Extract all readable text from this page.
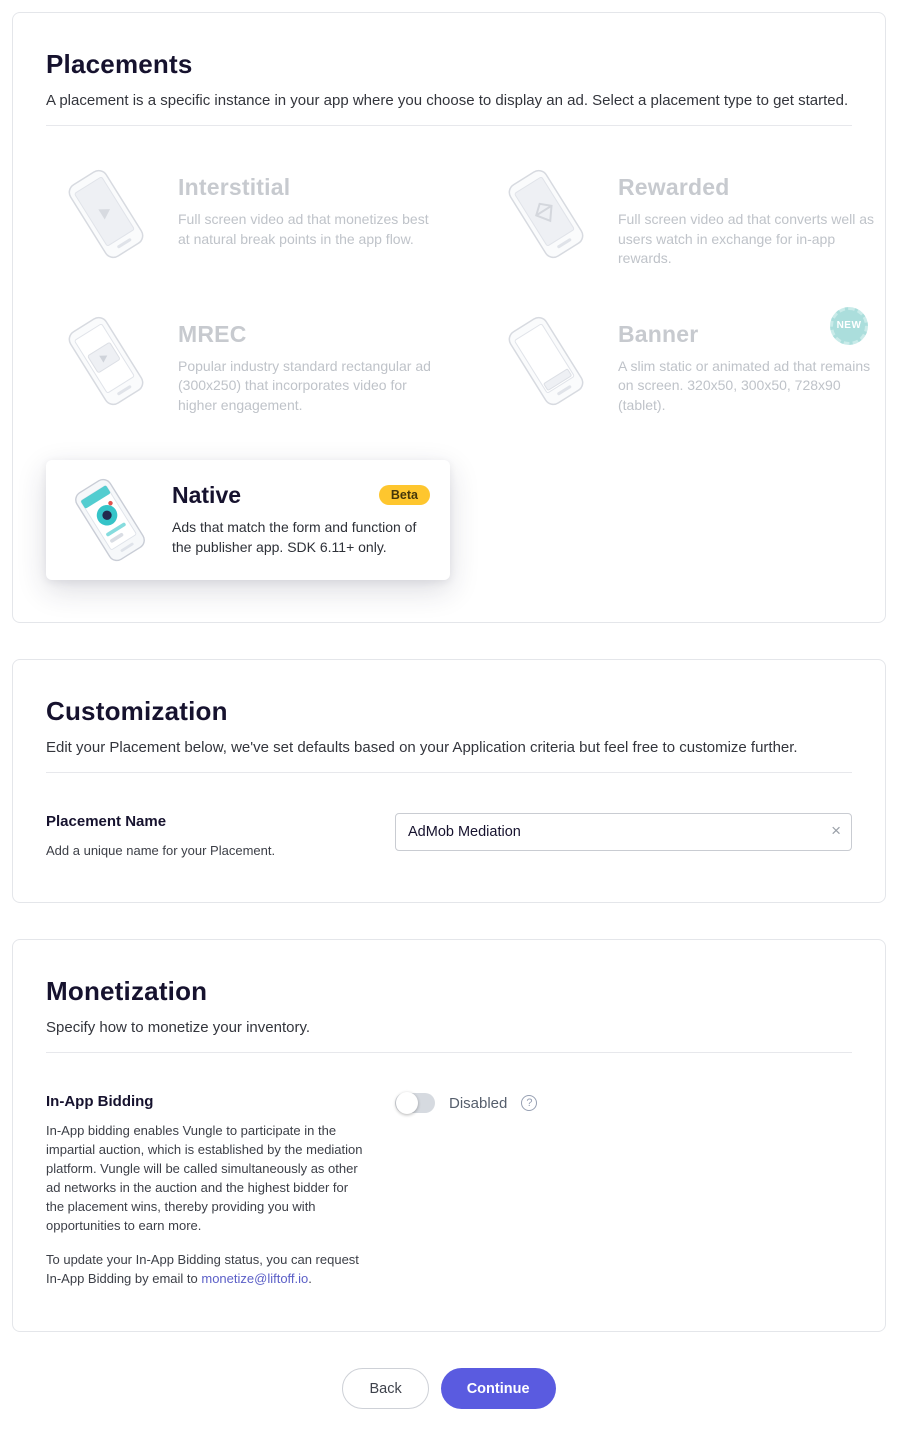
Placements

A placement is a specific instance in your app where you choose to display an ad. Select a placement type to get started.

Interstitial
Full screen video ad that monetizes best at natural break points in the app flow.
Rewarded
Full screen video ad that converts well as users watch in exchange for in-app rewards.
MREC
Popular industry standard rectangular ad (300x250) that incorporates video for higher engagement.
Banner
A slim static or animated ad that remains on screen. 320x50, 300x50, 728x90 (tablet).
NEW
Native	Beta
Ads that match the form and function of the publisher app. SDK 6.11+ only.
Customization

Edit your Placement below, we've set defaults based on your Application criteria but feel free to customize further.

Placement Name
Add a unique name for your Placement.
AdMob Mediation
×
Monetization

Specify how to monetize your inventory.

In-App Bidding
In-App bidding enables Vungle to participate in the impartial auction, which is established by the mediation platform. Vungle will be called simultaneously as other ad networks in the auction and the highest bidder for the placement wins, thereby providing you with opportunities to earn more.
To update your In-App Bidding status, you can request In-App Bidding by email to monetize@liftoff.io.
Disabled	?
Back	Continue
